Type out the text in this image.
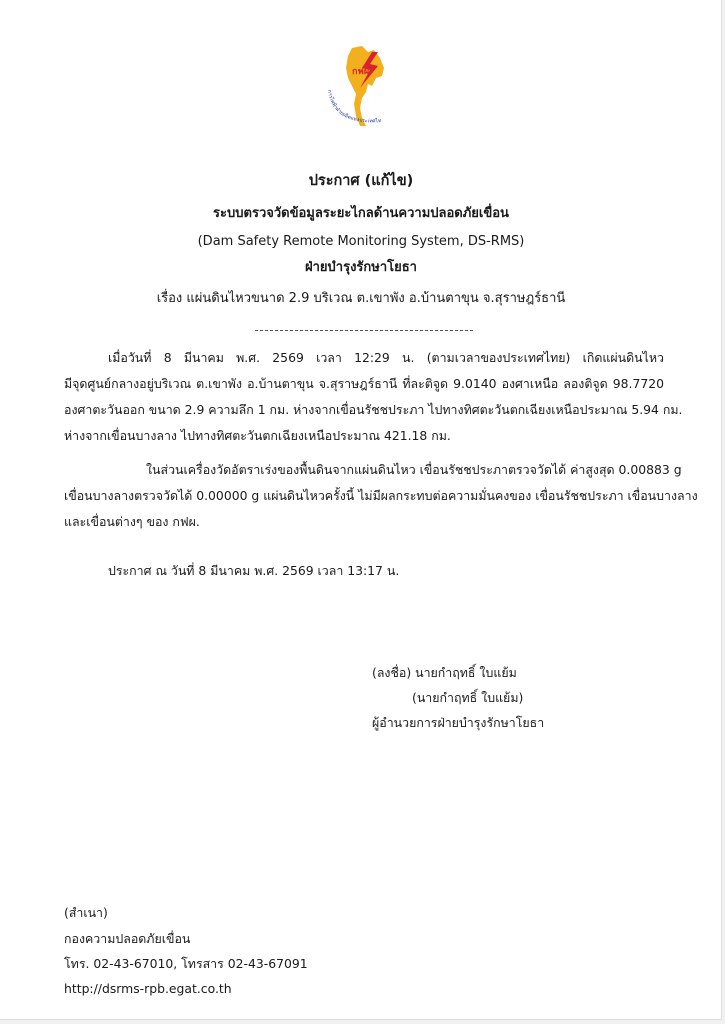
กฟผ
การไฟฟ้าฝ่ายผลิตแห่งประเทศไท
ประกาศ (แก้ไข)
ระบบตรวจวัดข้อมูลระยะไกลด้านความปลอดภัยเขื่อน
(Dam Safety Remote Monitoring System, DS-RMS)
ฝ่ายบำรุงรักษาโยธา
เรื่อง แผ่นดินไหวขนาด 2.9 บริเวณ ต.เขาพัง อ.บ้านตาขุน จ.สุราษฎร์ธานี
เมื่อวันที่ 8 มีนาคม พ.ศ. 2569 เวลา 12:29 น. (ตามเวลาของประเทศไทย) เกิดแผ่นดินไหว
มีจุดศูนย์กลางอยู่บริเวณ ต.เขาพัง อ.บ้านตาขุน จ.สุราษฎร์ธานี ที่ละติจูด 9.0140 องศาเหนือ ลองติจูด 98.7720
องศาตะวันออก ขนาด 2.9 ความลึก 1 กม. ห่างจากเขื่อนรัชชประภา ไปทางทิศตะวันตกเฉียงเหนือประมาณ 5.94 กม.
ห่างจากเขื่อนบางลาง ไปทางทิศตะวันตกเฉียงเหนือประมาณ 421.18 กม.
ในส่วนเครื่องวัดอัตราเร่งของพื้นดินจากแผ่นดินไหว เขื่อนรัชชประภาตรวจวัดได้ ค่าสูงสุด 0.00883 g
เขื่อนบางลางตรวจวัดได้ 0.00000 g แผ่นดินไหวครั้งนี้ ไม่มีผลกระทบต่อความมั่นคงของ เขื่อนรัชชประภา เขื่อนบางลาง
และเขื่อนต่างๆ ของ กฟผ.
ประกาศ ณ วันที่ 8 มีนาคม พ.ศ. 2569 เวลา 13:17 น.
(ลงชื่อ) นายกำฤทธิ์ ใบแย้ม
(นายกำฤทธิ์ ใบแย้ม)
ผู้อำนวยการฝ่ายบำรุงรักษาโยธา
(สำเนา)
กองความปลอดภัยเขื่อน
โทร. 02-43-67010, โทรสาร 02-43-67091
http://dsrms-rpb.egat.co.th
